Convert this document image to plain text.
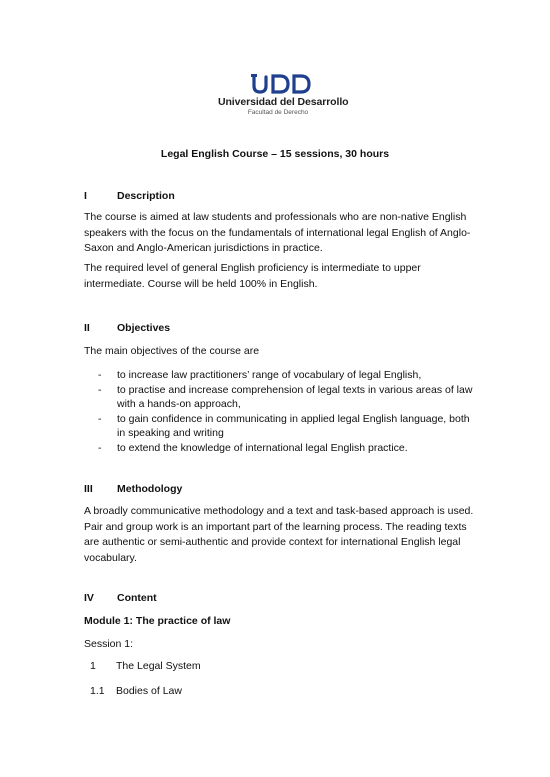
Universidad del Desarrollo
Facultad de Derecho
Legal English Course – 15 sessions, 30 hours
I	Description
The course is aimed at law students and professionals who are non-native English
speakers with the focus on the fundamentals of international legal English of Anglo-
Saxon and Anglo-American jurisdictions in practice.
The required level of general English proficiency is intermediate to upper
intermediate. Course will be held 100% in English.
II	Objectives
The main objectives of the course are
- to increase law practitioners’ range of vocabulary of legal English,
- to practise and increase comprehension of legal texts in various areas of law
with a hands-on approach,
- to gain confidence in communicating in applied legal English language, both
in speaking and writing
- to extend the knowledge of international legal English practice.
III Methodology
A broadly communicative methodology and a text and task-based approach is used.
Pair and group work is an important part of the learning process. The reading texts
are authentic or semi-authentic and provide context for international English legal
vocabulary.
IV Content
Module 1: The practice of law
Session 1:
1 The Legal System
1.1 Bodies of Law
